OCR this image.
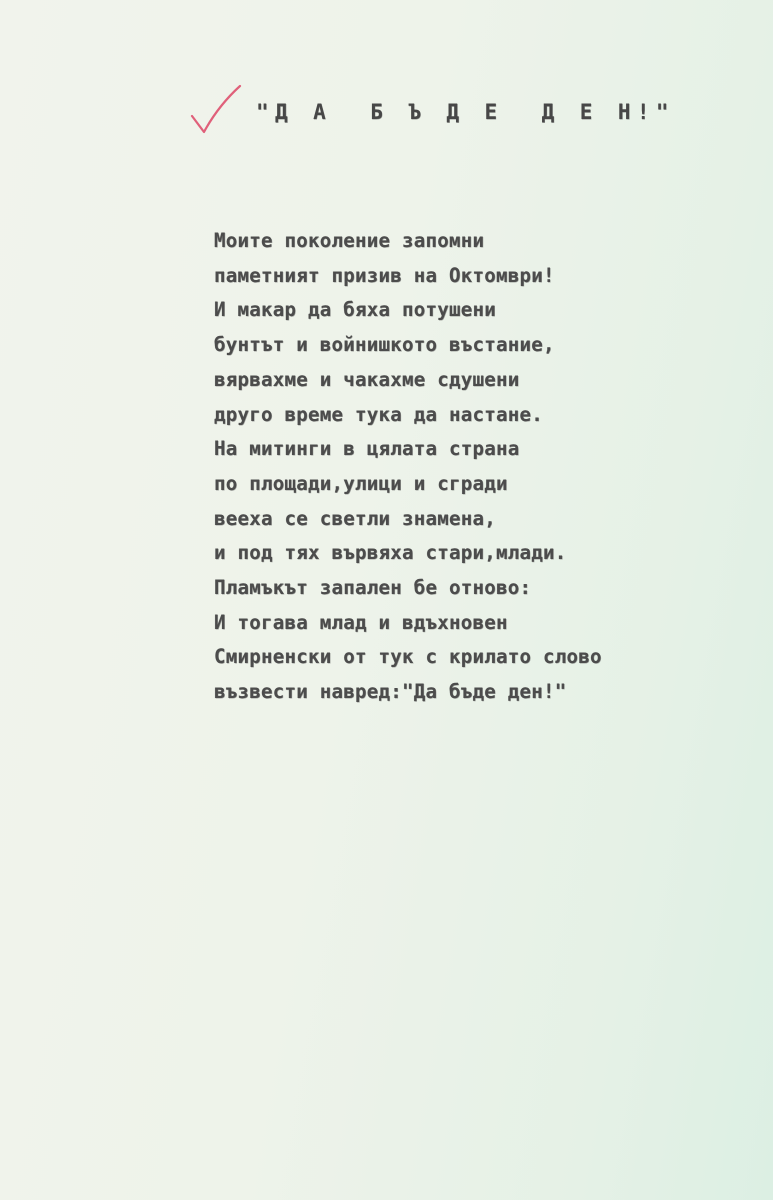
"Д А  Б Ъ Д Е  Д Е Н!"
Моите поколение запомни
паметният призив на Октомври!
И макар да бяха потушени
бунтът и войнишкото въстание,
вярвахме и чакахме сдушени
друго време тука да настане.
На митинги в цялата страна
по площади,улици и сгради
вееха се светли знамена,
и под тях вървяха стари,млади.
Пламъкът запален бе отново:
И тогава млад и вдъхновен
Смирненски от тук с крилато слово
възвести навред:"Да бъде ден!"
